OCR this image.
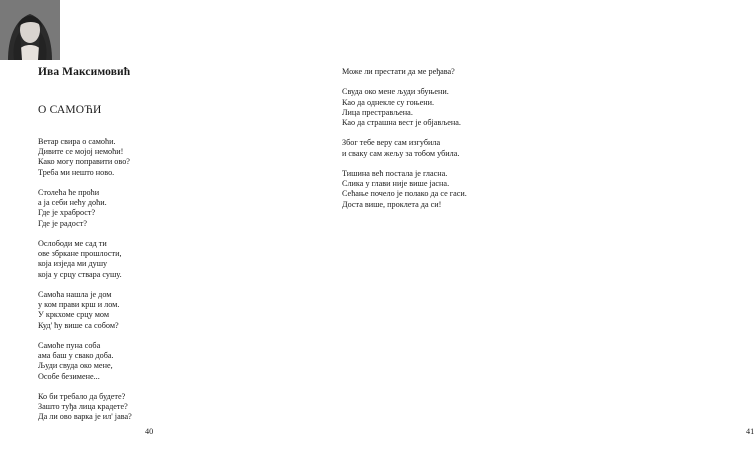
Ива Максимовић
О САМОЋИ
Ветар свира о самоћи.
Дивите се мојој немоћи!
Како могу поправити ово?
Треба ми нешто ново.
Столећа ће проћи
а ја себи нећу доћи.
Где је храброст?
Где је радост?
Ослободи ме сад ти
ове збркане прошлости,
која изједа ми душу
која у срцу ствара сушу.
Самоћа нашла је дом
у ком прави крш и лом.
У кркхоме срцу мом
Куд' ћу више са собом?
Самоће пуна соба
ама баш у свако доба.
Људи свуда око мене,
Особе безимене...
Ко би требало да будете?
Зашто туђа лица крадете?
Да ли ово варка је ил' јава?
40
Може ли престати да ме ређава?
Свуда око мене људи збуњени.
Као да однекле су гоњени.
Лица престрављена.
Као да страшна вест је објављена.
Због тебе веру сам изгубила
и сваку сам жељу за тобом убила.
Тишина већ постала је гласна.
Слика у глави није више јасна.
Сећање почело је полако да се гаси.
Доста више, проклета да си!
41
